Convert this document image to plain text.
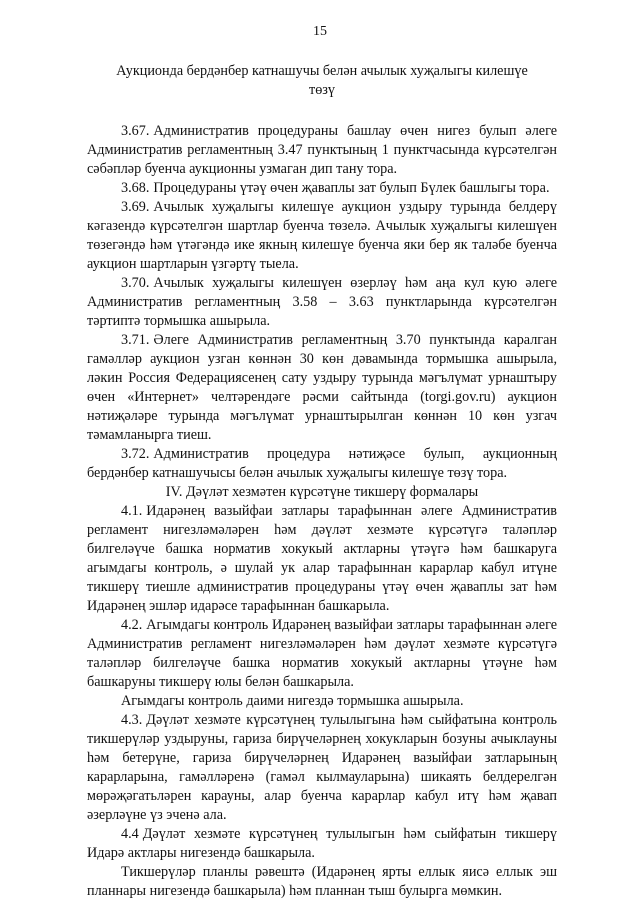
15
Аукционда бердәнбер катнашучы белән ачылык хуҗалыгы килешүе
төзү

3.67. Административ процедураны башлау өчен нигез булып әлеге Административ регламентның 3.47 пунктының 1 пунктчасында күрсәтелгән сәбәпләр буенча аукционны узмаган дип тану тора.

3.68. Процедураны үтәү өчен җаваплы зат булып Бүлек башлыгы тора.

3.69. Ачылык хуҗалыгы килешүе аукцион уздыру турында белдерү кәгазендә күрсәтелгән шартлар буенча төзелә. Ачылык хуҗалыгы килешүен төзегәндә һәм үтәгәндә ике якның килешүе буенча яки бер як таләбе буенча аукцион шартларын үзгәртү тыела.

3.70. Ачылык хуҗалыгы килешүен өзерләү һәм аңа кул кую әлеге Административ регламентның 3.58 – 3.63 пунктларында күрсәтелгән тәртиптә тормышка ашырыла.

3.71. Әлеге Административ регламентның 3.70 пунктында каралган гамәлләр аукцион узган көннән 30 көн дәвамында тормышка ашырыла, ләкин Россия Федерациясенең сату уздыру турында мәгълүмат урнаштыру өчен «Интернет» челтәрендәге рәсми сайтында (torgi.gov.ru) аукцион нәтиҗәләре турында мәгълүмат урнаштырылган көннән 10 көн узгач тәмамланырга тиеш.

3.72. Административ процедура нәтиҗәсе булып, аукционның бердәнбер катнашучысы белән ачылык хуҗалыгы килешүе төзү тора.

IV. Дәүләт хезмәтен күрсәтүне тикшерү формалары

4.1. Идарәнең вазыйфаи затлары тарафыннан әлеге Административ регламент нигезләмәләрен һәм дәүләт хезмәте күрсәтүгә таләпләр билгеләүче башка норматив хокукый актларны үтәүгә һәм башкаруга агымдагы контроль, ә шулай ук алар тарафыннан карарлар кабул итүне тикшерү тиешле административ процедураны үтәү өчен җаваплы зат һәм Идарәнең эшләр идарәсе тарафыннан башкарыла.

4.2. Агымдагы контроль Идарәнең вазыйфаи затлары тарафыннан әлеге Административ регламент нигезләмәләрен һәм дәүләт хезмәте күрсәтүгә таләпләр билгеләүче башка норматив хокукый актларны үтәүне һәм башкаруны тикшерү юлы белән башкарыла.

Агымдагы контроль даими нигездә тормышка ашырыла.

4.3. Дәүләт хезмәте күрсәтүнең тулылыгына һәм сыйфатына контроль тикшерүләр уздыруны, гариза бирүчеләрнең хокукларын бозуны ачыклауны һәм бетерүне, гариза бирүчеләрнең Идарәнең вазыйфаи затларының карарларына, гамәлләренә (гамәл кылмауларына) шикаять белдерелгән мөрәҗәгатьләрен карауны, алар буенча карарлар кабул итү һәм җавап әзерләүне үз эченә ала.

4.4 Дәүләт хезмәте күрсәтүнең тулылыгын һәм сыйфатын тикшерү Идарә актлары нигезендә башкарыла.

Тикшерүләр планлы рәвештә (Идарәнең ярты еллык яисә еллык эш планнары нигезендә башкарыла) һәм планнан тыш булырга мөмкин.
